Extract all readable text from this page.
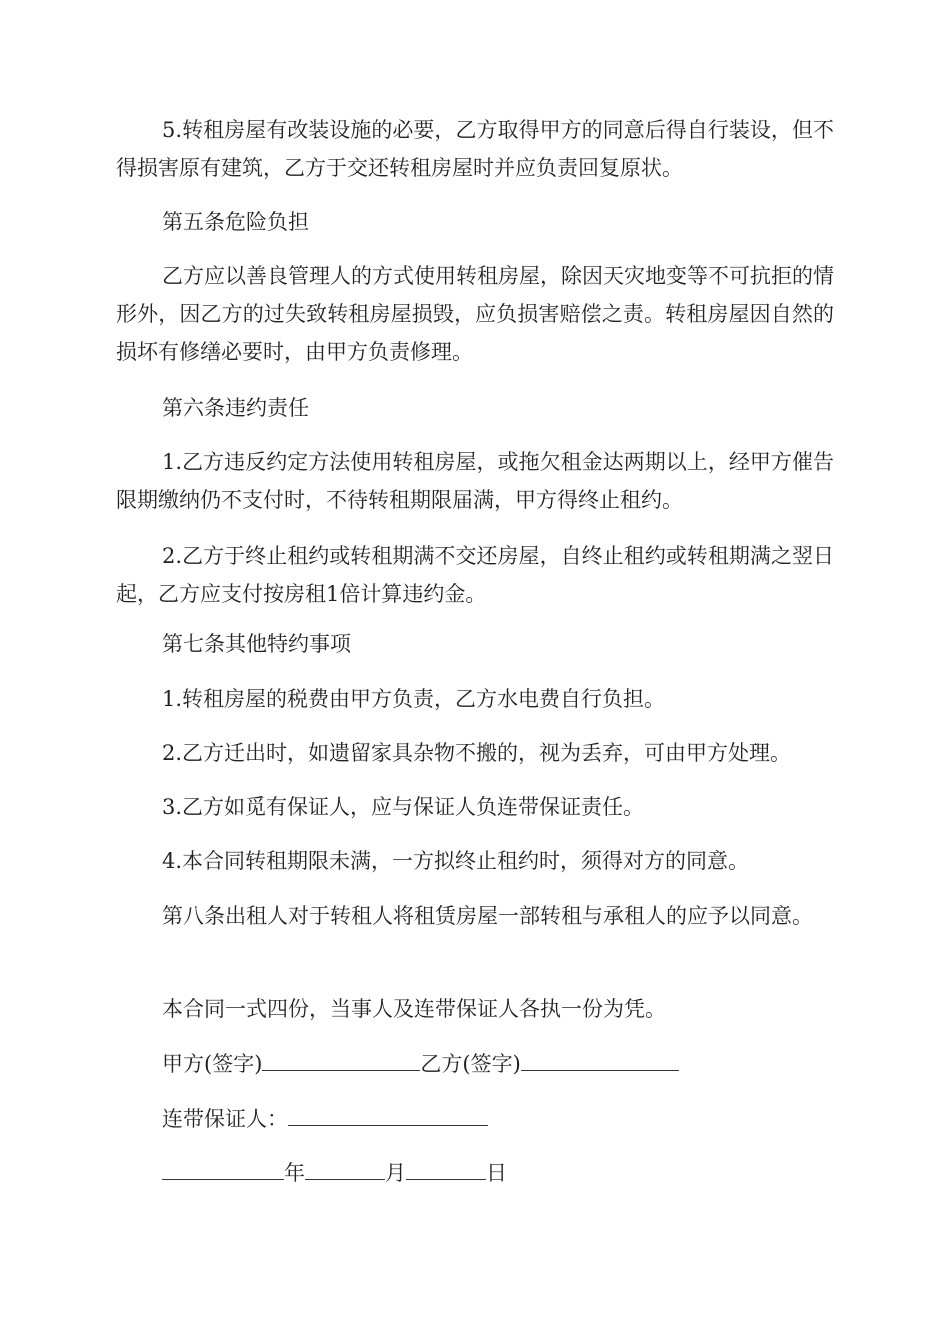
5.转租房屋有改装设施的必要，乙方取得甲方的同意后得自行装设，但不得损害原有建筑，乙方于交还转租房屋时并应负责回复原状。

第五条危险负担

乙方应以善良管理人的方式使用转租房屋，除因天灾地变等不可抗拒的情形外，因乙方的过失致转租房屋损毁，应负损害赔偿之责。转租房屋因自然的损坏有修缮必要时，由甲方负责修理。

第六条违约责任

1.乙方违反约定方法使用转租房屋，或拖欠租金达两期以上，经甲方催告限期缴纳仍不支付时，不待转租期限届满，甲方得终止租约。

2.乙方于终止租约或转租期满不交还房屋，自终止租约或转租期满之翌日起，乙方应支付按房租1倍计算违约金。

第七条其他特约事项

1.转租房屋的税费由甲方负责，乙方水电费自行负担。

2.乙方迁出时，如遗留家具杂物不搬的，视为丢弃，可由甲方处理。

3.乙方如觅有保证人，应与保证人负连带保证责任。

4.本合同转租期限未满，一方拟终止租约时，须得对方的同意。

第八条出租人对于转租人将租赁房屋一部转租与承租人的应予以同意。

本合同一式四份，当事人及连带保证人各执一份为凭。

甲方(签字)	乙方(签字)
连带保证人：
年	月	日
